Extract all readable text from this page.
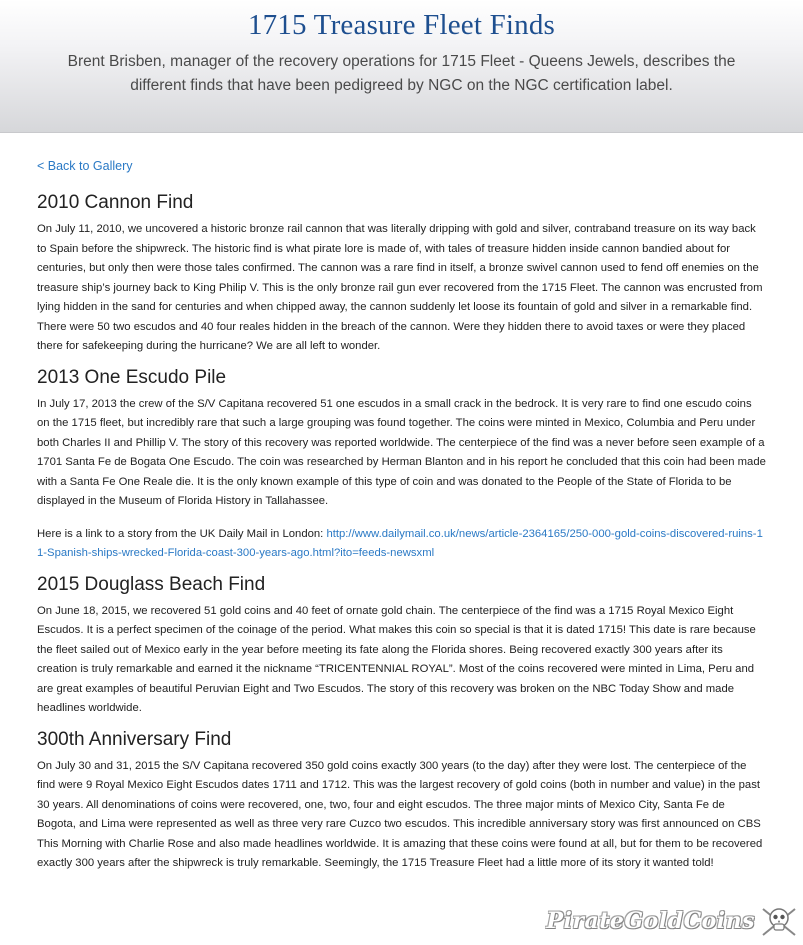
1715 Treasure Fleet Finds

Brent Brisben, manager of the recovery operations for 1715 Fleet - Queens Jewels, describes the different finds that have been pedigreed by NGC on the NGC certification label.

< Back to Gallery
2010 Cannon Find

On July 11, 2010, we uncovered a historic bronze rail cannon that was literally dripping with gold and silver, contraband treasure on its way back to Spain before the shipwreck. The historic find is what pirate lore is made of, with tales of treasure hidden inside cannon bandied about for centuries, but only then were those tales confirmed. The cannon was a rare find in itself, a bronze swivel cannon used to fend off enemies on the treasure ship’s journey back to King Philip V. This is the only bronze rail gun ever recovered from the 1715 Fleet. The cannon was encrusted from lying hidden in the sand for centuries and when chipped away, the cannon suddenly let loose its fountain of gold and silver in a remarkable find. There were 50 two escudos and 40 four reales hidden in the breach of the cannon. Were they hidden there to avoid taxes or were they placed there for safekeeping during the hurricane? We are all left to wonder.

2013 One Escudo Pile

In July 17, 2013 the crew of the S/V Capitana recovered 51 one escudos in a small crack in the bedrock. It is very rare to find one escudo coins on the 1715 fleet, but incredibly rare that such a large grouping was found together. The coins were minted in Mexico, Columbia and Peru under both Charles II and Phillip V. The story of this recovery was reported worldwide. The centerpiece of the find was a never before seen example of a 1701 Santa Fe de Bogata One Escudo. The coin was researched by Herman Blanton and in his report he concluded that this coin had been made with a Santa Fe One Reale die. It is the only known example of this type of coin and was donated to the People of the State of Florida to be displayed in the Museum of Florida History in Tallahassee.

Here is a link to a story from the UK Daily Mail in London: http://www.dailymail.co.uk/news/article-2364165/250-000-gold-coins-discovered-ruins-11-Spanish-ships-wrecked-Florida-coast-300-years-ago.html?ito=feeds-newsxml

2015 Douglass Beach Find

On June 18, 2015, we recovered 51 gold coins and 40 feet of ornate gold chain. The centerpiece of the find was a 1715 Royal Mexico Eight Escudos. It is a perfect specimen of the coinage of the period. What makes this coin so special is that it is dated 1715! This date is rare because the fleet sailed out of Mexico early in the year before meeting its fate along the Florida shores. Being recovered exactly 300 years after its creation is truly remarkable and earned it the nickname “TRICENTENNIAL ROYAL”. Most of the coins recovered were minted in Lima, Peru and are great examples of beautiful Peruvian Eight and Two Escudos. The story of this recovery was broken on the NBC Today Show and made headlines worldwide.

300th Anniversary Find

On July 30 and 31, 2015 the S/V Capitana recovered 350 gold coins exactly 300 years (to the day) after they were lost. The centerpiece of the find were 9 Royal Mexico Eight Escudos dates 1711 and 1712. This was the largest recovery of gold coins (both in number and value) in the past 30 years. All denominations of coins were recovered, one, two, four and eight escudos. The three major mints of Mexico City, Santa Fe de Bogota, and Lima were represented as well as three very rare Cuzco two escudos. This incredible anniversary story was first announced on CBS This Morning with Charlie Rose and also made headlines worldwide. It is amazing that these coins were found at all, but for them to be recovered exactly 300 years after the shipwreck is truly remarkable. Seemingly, the 1715 Treasure Fleet had a little more of its story it wanted told!

PirateGoldCoins
